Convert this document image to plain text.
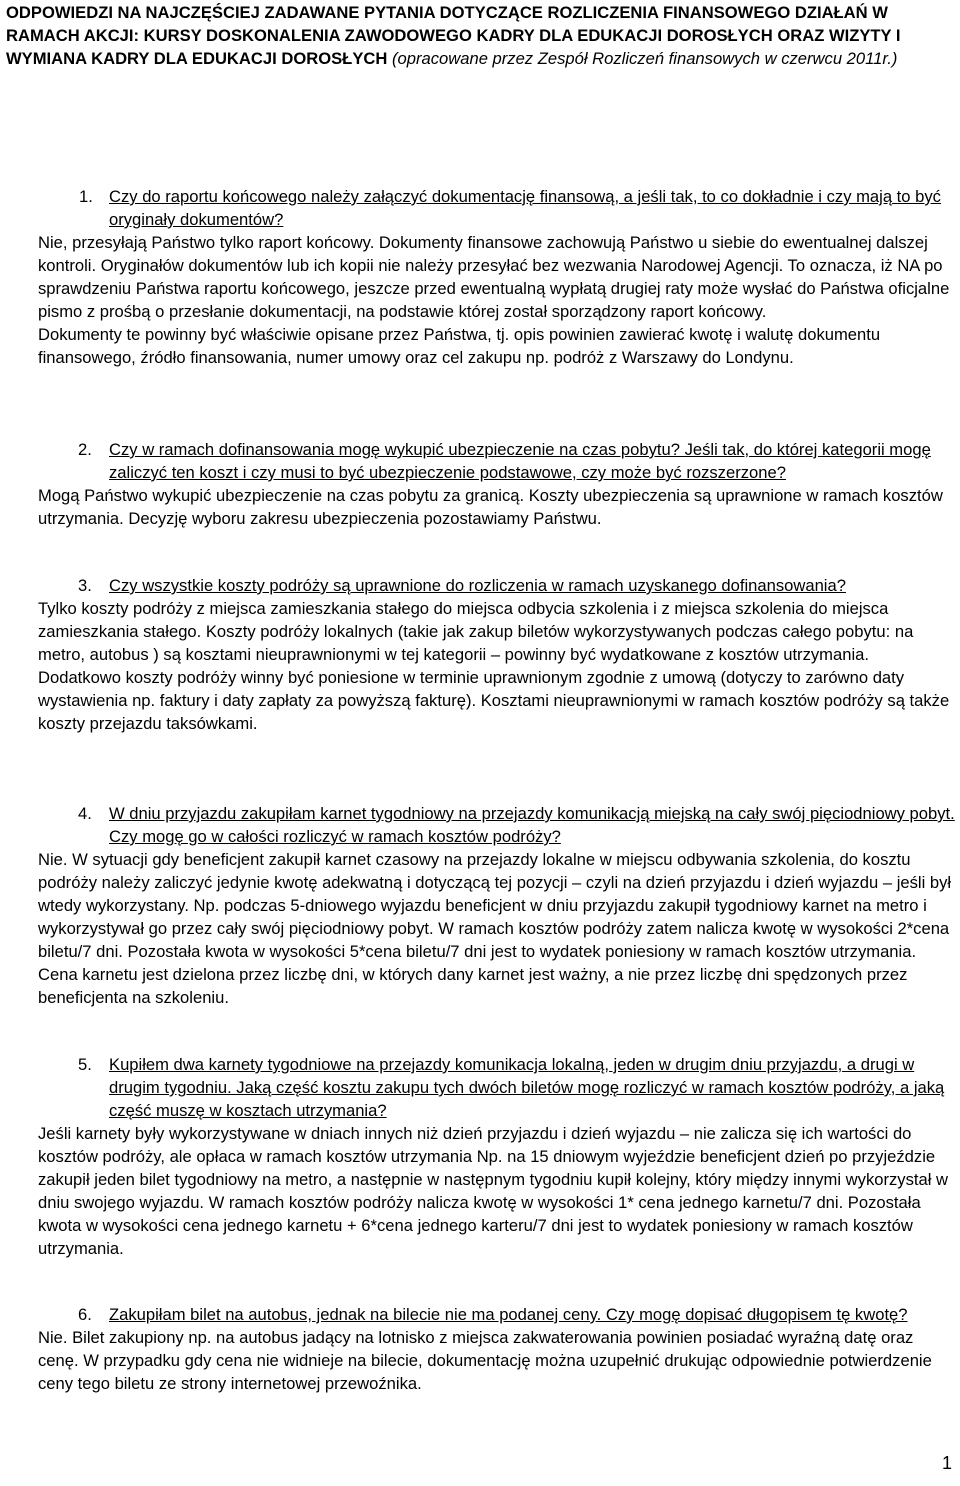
ODPOWIEDZI NA NAJCZĘŚCIEJ ZADAWANE PYTANIA DOTYCZĄCE ROZLICZENIA FINANSOWEGO DZIAŁAŃ W RAMACH AKCJI: KURSY DOSKONALENIA ZAWODOWEGO KADRY DLA EDUKACJI DOROSŁYCH ORAZ WIZYTY I WYMIANA KADRY DLA EDUKACJI DOROSŁYCH (opracowane przez Zespół Rozliczeń finansowych w czerwcu 2011r.)
1. Czy do raportu końcowego należy załączyć dokumentację finansową, a jeśli tak, to co dokładnie i czy mają to być oryginały dokumentów?

Nie, przesyłają Państwo tylko raport końcowy. Dokumenty finansowe zachowują Państwo u siebie do ewentualnej dalszej kontroli. Oryginałów dokumentów lub ich kopii nie należy przesyłać bez wezwania Narodowej Agencji. To oznacza, iż NA po sprawdzeniu Państwa raportu końcowego, jeszcze przed ewentualną wypłatą drugiej raty może wysłać do Państwa oficjalne pismo z prośbą o przesłanie dokumentacji, na podstawie której został sporządzony raport końcowy.

Dokumenty te powinny być właściwie opisane przez Państwa, tj. opis powinien zawierać kwotę i walutę dokumentu finansowego, źródło finansowania, numer umowy oraz cel zakupu np. podróż z Warszawy do Londynu.

2. Czy w ramach dofinansowania mogę wykupić ubezpieczenie na czas pobytu? Jeśli tak, do której kategorii mogę zaliczyć ten koszt i czy musi to być ubezpieczenie podstawowe, czy może być rozszerzone?

Mogą Państwo wykupić ubezpieczenie na czas pobytu za granicą. Koszty ubezpieczenia są uprawnione w ramach kosztów utrzymania. Decyzję wyboru zakresu ubezpieczenia pozostawiamy Państwu.

3. Czy wszystkie koszty podróży są uprawnione do rozliczenia w ramach uzyskanego dofinansowania?

Tylko koszty podróży z miejsca zamieszkania stałego do miejsca odbycia szkolenia i z miejsca szkolenia do miejsca zamieszkania stałego. Koszty podróży lokalnych (takie jak zakup biletów wykorzystywanych podczas całego pobytu: na metro, autobus ) są kosztami nieuprawnionymi w tej kategorii – powinny być wydatkowane z kosztów utrzymania. Dodatkowo koszty podróży winny być poniesione w terminie uprawnionym zgodnie z umową (dotyczy to zarówno daty wystawienia np. faktury i daty zapłaty za powyższą fakturę). Kosztami nieuprawnionymi w ramach kosztów podróży są także koszty przejazdu taksówkami.

4. W dniu przyjazdu zakupiłam karnet tygodniowy na przejazdy komunikacją miejską na cały swój pięciodniowy pobyt. Czy mogę go w całości rozliczyć w ramach kosztów podróży?

Nie. W sytuacji gdy beneficjent zakupił karnet czasowy na przejazdy lokalne w miejscu odbywania szkolenia, do kosztu podróży należy zaliczyć jedynie kwotę adekwatną i dotyczącą tej pozycji – czyli na dzień przyjazdu i dzień wyjazdu – jeśli był wtedy wykorzystany. Np. podczas 5-dniowego wyjazdu beneficjent w dniu przyjazdu zakupił tygodniowy karnet na metro i wykorzystywał go przez cały swój pięciodniowy pobyt. W ramach kosztów podróży zatem nalicza kwotę w wysokości 2*cena biletu/7 dni. Pozostała kwota w wysokości 5*cena biletu/7 dni jest to wydatek poniesiony w ramach kosztów utrzymania. Cena karnetu jest dzielona przez liczbę dni, w których dany karnet jest ważny, a nie przez liczbę dni spędzonych przez beneficjenta na szkoleniu.

5. Kupiłem dwa karnety tygodniowe na przejazdy komunikacja lokalną, jeden w drugim dniu przyjazdu, a drugi w drugim tygodniu. Jaką część kosztu zakupu tych dwóch biletów mogę rozliczyć w ramach kosztów podróży, a jaką część muszę w kosztach utrzymania?

Jeśli karnety były wykorzystywane w dniach innych niż dzień przyjazdu i dzień wyjazdu – nie zalicza się ich wartości do kosztów podróży, ale opłaca w ramach kosztów utrzymania Np. na 15 dniowym wyjeździe beneficjent dzień po przyjeździe zakupił jeden bilet tygodniowy na metro, a następnie w następnym tygodniu kupił kolejny, który między innymi wykorzystał w dniu swojego wyjazdu. W ramach kosztów podróży nalicza kwotę w wysokości 1* cena jednego karnetu/7 dni. Pozostała kwota w wysokości cena jednego karnetu + 6*cena jednego karteru/7 dni jest to wydatek poniesiony w ramach kosztów utrzymania.

6. Zakupiłam bilet na autobus, jednak na bilecie nie ma podanej ceny. Czy mogę dopisać długopisem tę kwotę?

Nie. Bilet zakupiony np. na autobus jadący na lotnisko z miejsca zakwaterowania powinien posiadać wyraźną datę oraz cenę. W przypadku gdy cena nie widnieje na bilecie, dokumentację można uzupełnić drukując odpowiednie potwierdzenie ceny tego biletu ze strony internetowej przewoźnika.

1
